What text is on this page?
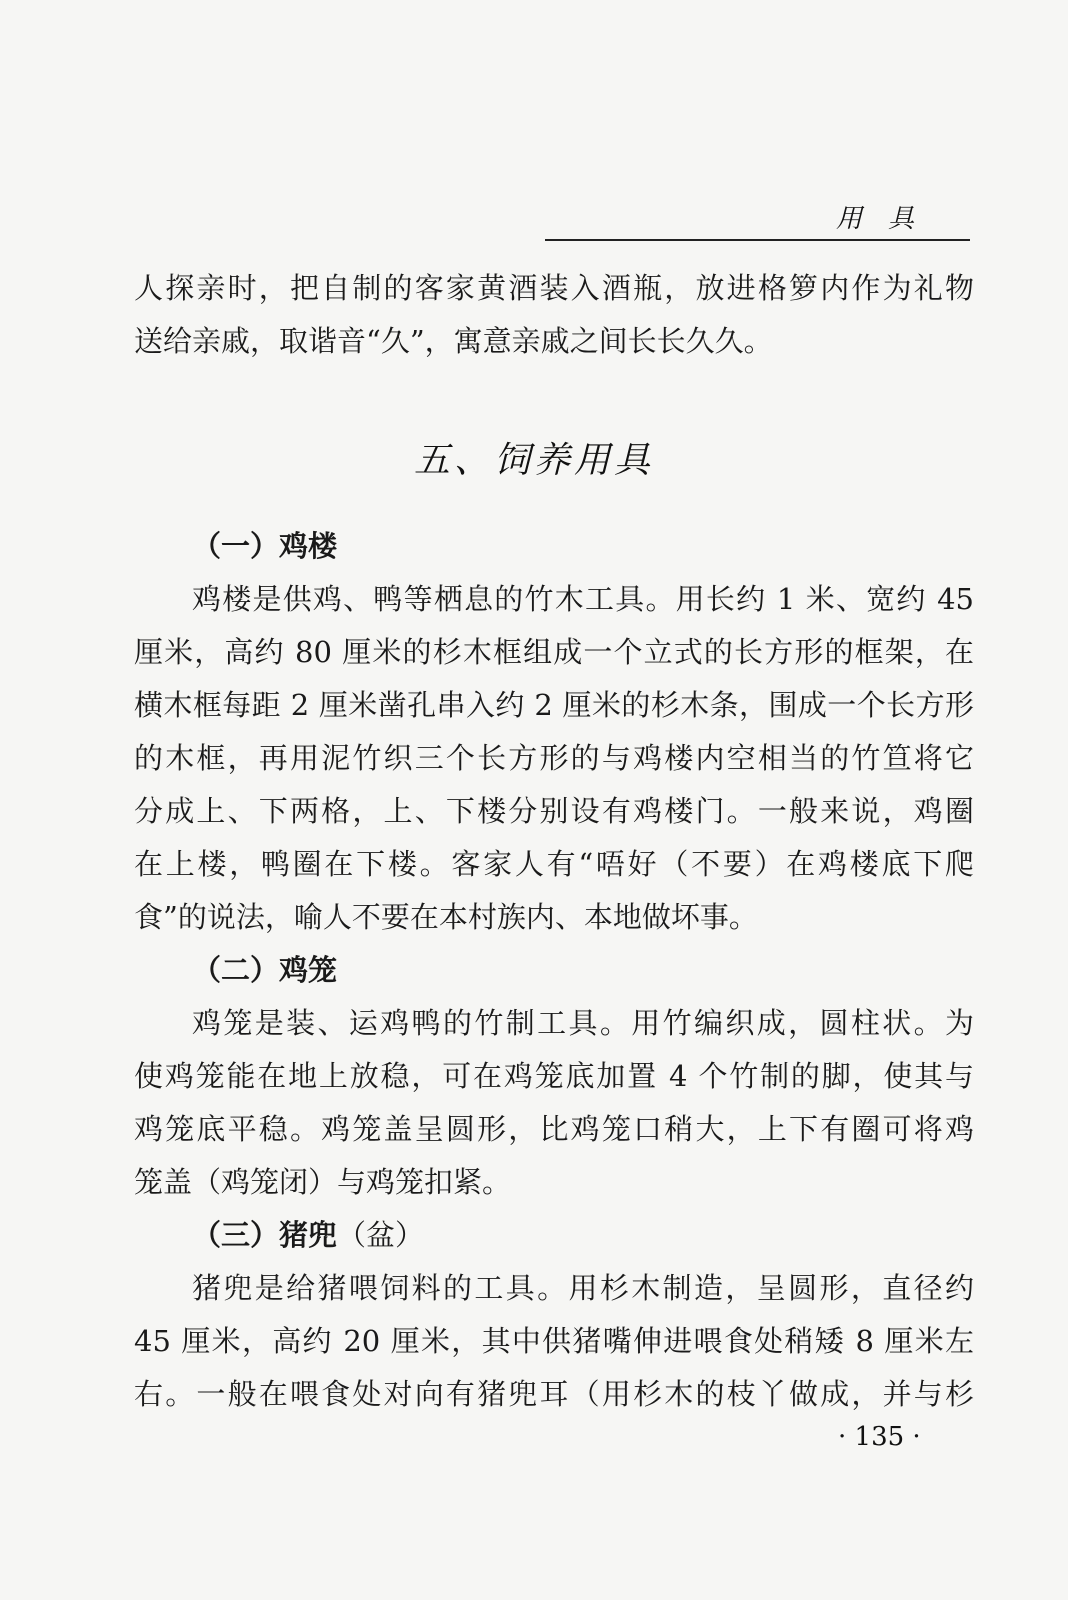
用具

人探亲时，把自制的客家黄酒装入酒瓶，放进格箩内作为礼物

送给亲戚，取谐音“久”，寓意亲戚之间长长久久。

五、饲养用具

（一）鸡楼

鸡楼是供鸡、鸭等栖息的竹木工具。用长约 1 米、宽约 45

厘米，高约 80 厘米的杉木框组成一个立式的长方形的框架，在

横木框每距 2 厘米凿孔串入约 2 厘米的杉木条，围成一个长方形

的木框，再用泥竹织三个长方形的与鸡楼内空相当的竹笪将它

分成上、下两格，上、下楼分别设有鸡楼门。一般来说，鸡圈

在上楼，鸭圈在下楼。客家人有“唔好（不要）在鸡楼底下爬

食”的说法，喻人不要在本村族内、本地做坏事。

（二）鸡笼

鸡笼是装、运鸡鸭的竹制工具。用竹编织成，圆柱状。为

使鸡笼能在地上放稳，可在鸡笼底加置 4 个竹制的脚，使其与

鸡笼底平稳。鸡笼盖呈圆形，比鸡笼口稍大，上下有圈可将鸡

笼盖（鸡笼闭）与鸡笼扣紧。

（三）猪兜（盆）

猪兜是给猪喂饲料的工具。用杉木制造，呈圆形，直径约

45 厘米，高约 20 厘米，其中供猪嘴伸进喂食处稍矮 8 厘米左

右。一般在喂食处对向有猪兜耳（用杉木的枝丫做成，并与杉

· 135 ·
